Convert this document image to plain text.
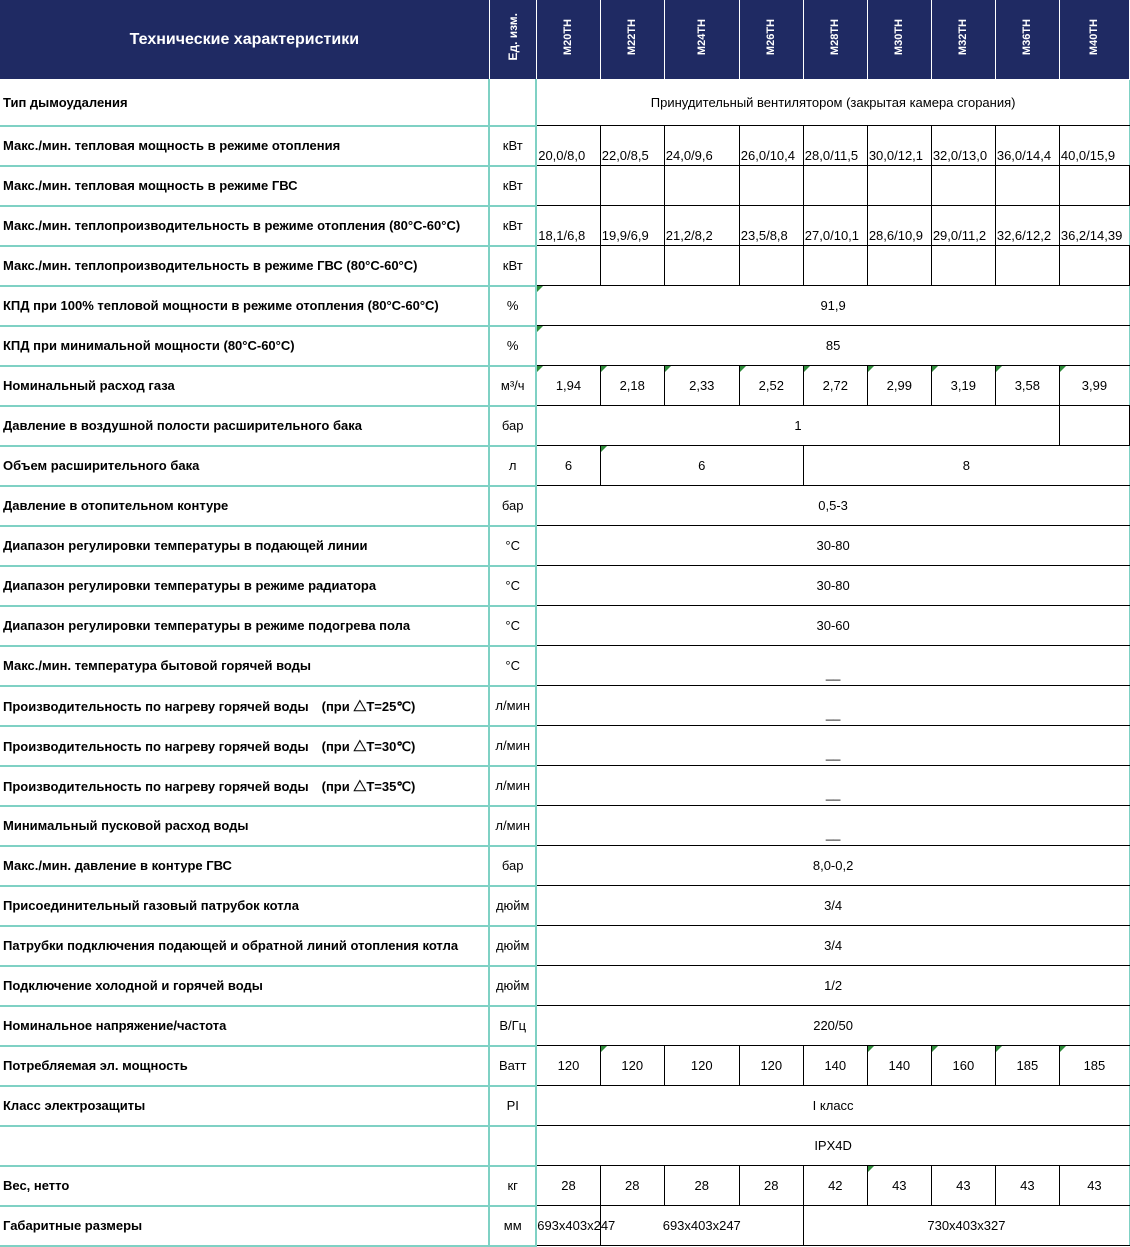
Технические характеристики	Ед. изм.	M20TH	M22TH	M24TH	M26TH	M28TH	M30TH	M32TH	M36TH	M40TH
Тип дымоудаления		Принудительный вентилятором (закрытая камера сгорания)								
Макс./мин. тепловая мощность в режиме отопления	кВт	20,0/8,0	22,0/8,5	24,0/9,6	26,0/10,4	28,0/11,5	30,0/12,1	32,0/13,0	36,0/14,4	40,0/15,9
Макс./мин. тепловая мощность в режиме ГВС	кВт									
Макс./мин. теплопроизводительность в режиме отопления (80°C-60°C)	кВт	18,1/6,8	19,9/6,9	21,2/8,2	23,5/8,8	27,0/10,1	28,6/10,9	29,0/11,2	32,6/12,2	36,2/14,39
Макс./мин. теплопроизводительность в режиме ГВС (80°C-60°C)	кВт									
КПД при 100% тепловой мощности в режиме отопления (80°C-60°C)	%	91,9								
КПД при минимальной мощности (80°C-60°C)	%	85								
Номинальный расход газа	м³/ч	1,94	2,18	2,33	2,52	2,72	2,99	3,19	3,58	3,99
Давление в воздушной полости расширительного бака	бар	1								
Объем расширительного бака	л	6	6			8				
Давление в отопительном контуре	бар	0,5-3								
Диапазон регулировки температуры в подающей линии	°C	30-80								
Диапазон регулировки температуры в режиме радиатора	°C	30-80								
Диапазон регулировки температуры в режиме подогрева пола	°C	30-60								
Макс./мин. температура бытовой горячей воды	°C	__								
Производительность по нагреву горячей воды　(при △T=25℃)	л/мин	__								
Производительность по нагреву горячей воды　(при △T=30℃)	л/мин	__								
Производительность по нагреву горячей воды　(при △T=35℃)	л/мин	__								
Минимальный пусковой расход воды	л/мин	__								
Макс./мин. давление в контуре ГВС	бар	8,0-0,2								
Присоединительный газовый патрубок котла	дюйм	3/4								
Патрубки подключения подающей и обратной линий отопления котла	дюйм	3/4								
Подключение холодной и горячей воды	дюйм	1/2								
Номинальное напряжение/частота	В/Гц	220/50								
Потребляемая эл. мощность	Ватт	120	120	120	120	140	140	160	185	185
Класс электрозащиты	PI	I класс								
		IPX4D								
Вес, нетто	кг	28	28	28	28	42	43	43	43	43
Габаритные размеры	мм	693x403x247	693x403x247			730x403x327				
